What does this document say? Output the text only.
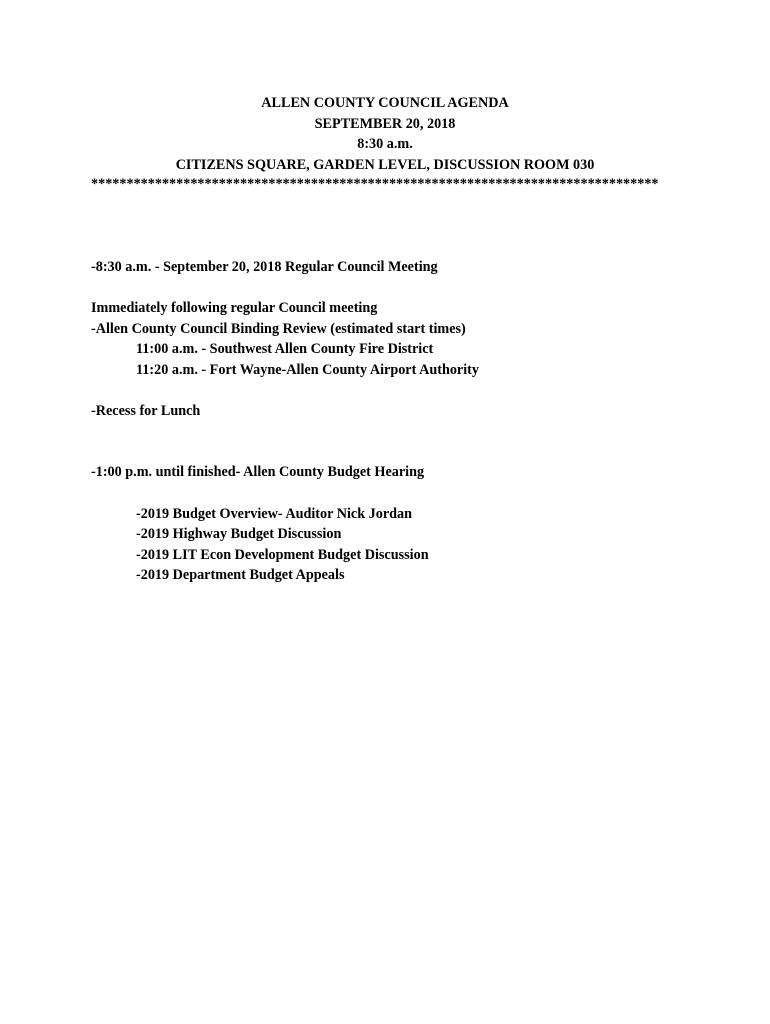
ALLEN COUNTY COUNCIL AGENDA
SEPTEMBER 20, 2018
8:30 a.m.
CITIZENS SQUARE, GARDEN LEVEL, DISCUSSION ROOM 030
********************************************************************************
-8:30 a.m. - September 20, 2018 Regular Council Meeting
Immediately following regular Council meeting
-Allen County Council Binding Review (estimated start times)
11:00 a.m. - Southwest Allen County Fire District
11:20 a.m. - Fort Wayne-Allen County Airport Authority
-Recess for Lunch
-1:00 p.m. until finished- Allen County Budget Hearing
-2019 Budget Overview- Auditor Nick Jordan
-2019 Highway Budget Discussion
-2019 LIT Econ Development Budget Discussion
-2019 Department Budget Appeals
